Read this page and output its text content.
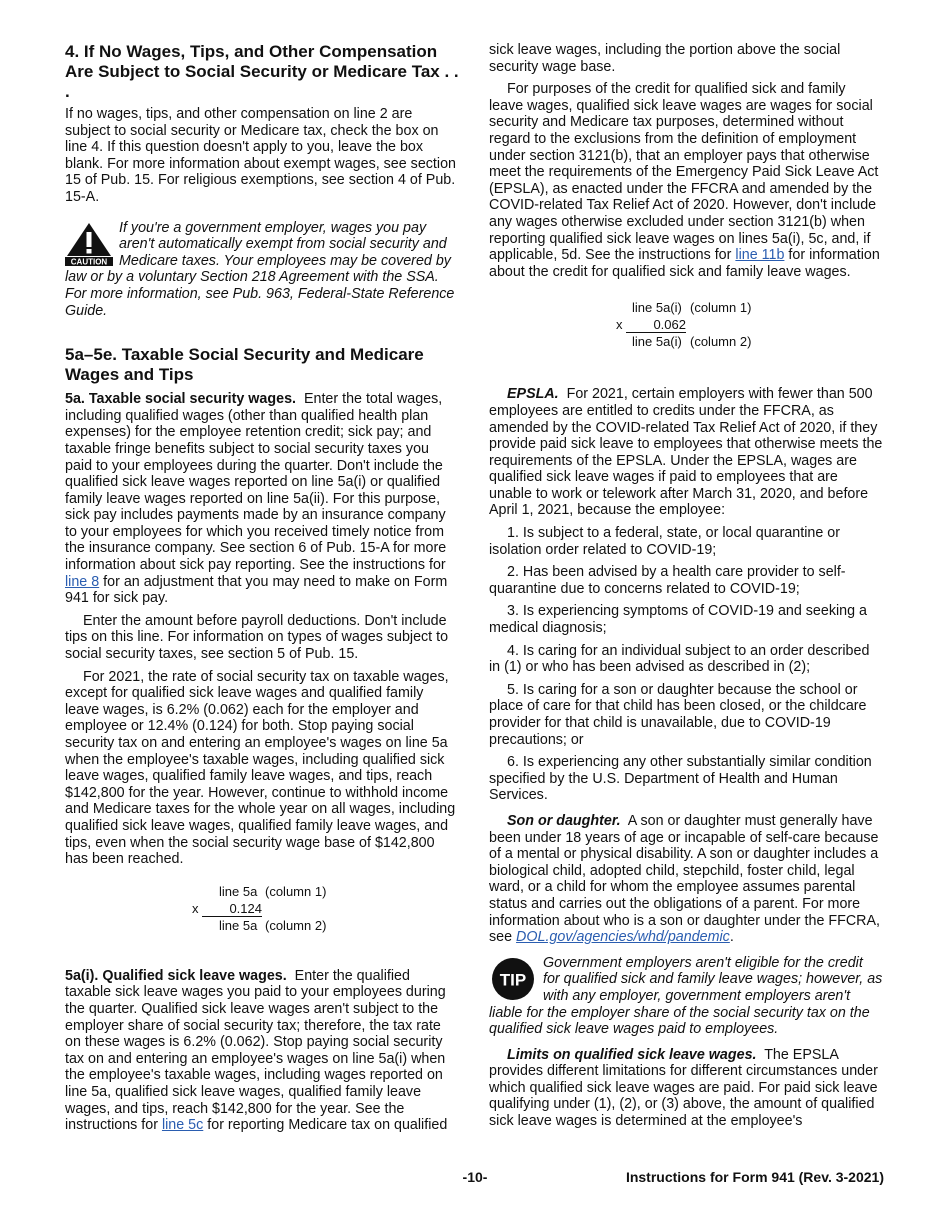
4. If No Wages, Tips, and Other Compensation Are Subject to Social Security or Medicare Tax . . .

If no wages, tips, and other compensation on line 2 are subject to social security or Medicare tax, check the box on line 4. If this question doesn't apply to you, leave the box blank. For more information about exempt wages, see section 15 of Pub. 15. For religious exemptions, see section 4 of Pub. 15-A.

CAUTION

If you're a government employer, wages you pay aren't automatically exempt from social security and Medicare taxes. Your employees may be covered by law or by a voluntary Section 218 Agreement with the SSA. For more information, see Pub. 963, Federal-State Reference Guide.

5a–5e. Taxable Social Security and Medicare Wages and Tips

5a. Taxable social security wages. Enter the total wages, including qualified wages (other than qualified health plan expenses) for the employee retention credit; sick pay; and taxable fringe benefits subject to social security taxes you paid to your employees during the quarter. Don't include the qualified sick leave wages reported on line 5a(i) or qualified family leave wages reported on line 5a(ii). For this purpose, sick pay includes payments made by an insurance company to your employees for which you received timely notice from the insurance company. See section 6 of Pub. 15-A for more information about sick pay reporting. See the instructions for line 8 for an adjustment that you may need to make on Form 941 for sick pay.

Enter the amount before payroll deductions. Don't include tips on this line. For information on types of wages subject to social security taxes, see section 5 of Pub. 15.

For 2021, the rate of social security tax on taxable wages, except for qualified sick leave wages and qualified family leave wages, is 6.2% (0.062) each for the employer and employee or 12.4% (0.124) for both. Stop paying social security tax on and entering an employee's wages on line 5a when the employee's taxable wages, including qualified sick leave wages, qualified family leave wages, and tips, reach $142,800 for the year. However, continue to withhold income and Medicare taxes for the whole year on all wages, including qualified sick leave wages, qualified family leave wages, and tips, even when the social security wage base of $142,800 has been reached.

line 5a (column 1)
x	0.124
line 5a (column 2)

5a(i). Qualified sick leave wages. Enter the qualified taxable sick leave wages you paid to your employees during the quarter. Qualified sick leave wages aren't subject to the employer share of social security tax; therefore, the tax rate on these wages is 6.2% (0.062). Stop paying social security tax on and entering an employee's wages on line 5a(i) when the employee's taxable wages, including wages reported on line 5a, qualified sick leave wages, qualified family leave wages, and tips, reach $142,800 for the year. See the instructions for line 5c for reporting Medicare tax on qualified

sick leave wages, including the portion above the social security wage base.

For purposes of the credit for qualified sick and family leave wages, qualified sick leave wages are wages for social security and Medicare tax purposes, determined without regard to the exclusions from the definition of employment under section 3121(b), that an employer pays that otherwise meet the requirements of the Emergency Paid Sick Leave Act (EPSLA), as enacted under the FFCRA and amended by the COVID-related Tax Relief Act of 2020. However, don't include any wages otherwise excluded under section 3121(b) when reporting qualified sick leave wages on lines 5a(i), 5c, and, if applicable, 5d. See the instructions for line 11b for information about the credit for qualified sick and family leave wages.

line 5a(i) (column 1)
x	0.062
line 5a(i) (column 2)

EPSLA. For 2021, certain employers with fewer than 500 employees are entitled to credits under the FFCRA, as amended by the COVID-related Tax Relief Act of 2020, if they provide paid sick leave to employees that otherwise meets the requirements of the EPSLA. Under the EPSLA, wages are qualified sick leave wages if paid to employees that are unable to work or telework after March 31, 2020, and before April 1, 2021, because the employee:

1. Is subject to a federal, state, or local quarantine or isolation order related to COVID-19;

2. Has been advised by a health care provider to self-quarantine due to concerns related to COVID-19;

3. Is experiencing symptoms of COVID-19 and seeking a medical diagnosis;

4. Is caring for an individual subject to an order described in (1) or who has been advised as described in (2);

5. Is caring for a son or daughter because the school or place of care for that child has been closed, or the childcare provider for that child is unavailable, due to COVID-19 precautions; or

6. Is experiencing any other substantially similar condition specified by the U.S. Department of Health and Human Services.

Son or daughter. A son or daughter must generally have been under 18 years of age or incapable of self-care because of a mental or physical disability. A son or daughter includes a biological child, adopted child, stepchild, foster child, legal ward, or a child for whom the employee assumes parental status and carries out the obligations of a parent. For more information about who is a son or daughter under the FFCRA, see DOL.gov/agencies/whd/pandemic.

TIP

Government employers aren't eligible for the credit for qualified sick and family leave wages; however, as with any employer, government employers aren't liable for the employer share of the social security tax on the qualified sick leave wages paid to employees.

Limits on qualified sick leave wages. The EPSLA provides different limitations for different circumstances under which qualified sick leave wages are paid. For paid sick leave qualifying under (1), (2), or (3) above, the amount of qualified sick leave wages is determined at the employee's

-10-	Instructions for Form 941 (Rev. 3-2021)
